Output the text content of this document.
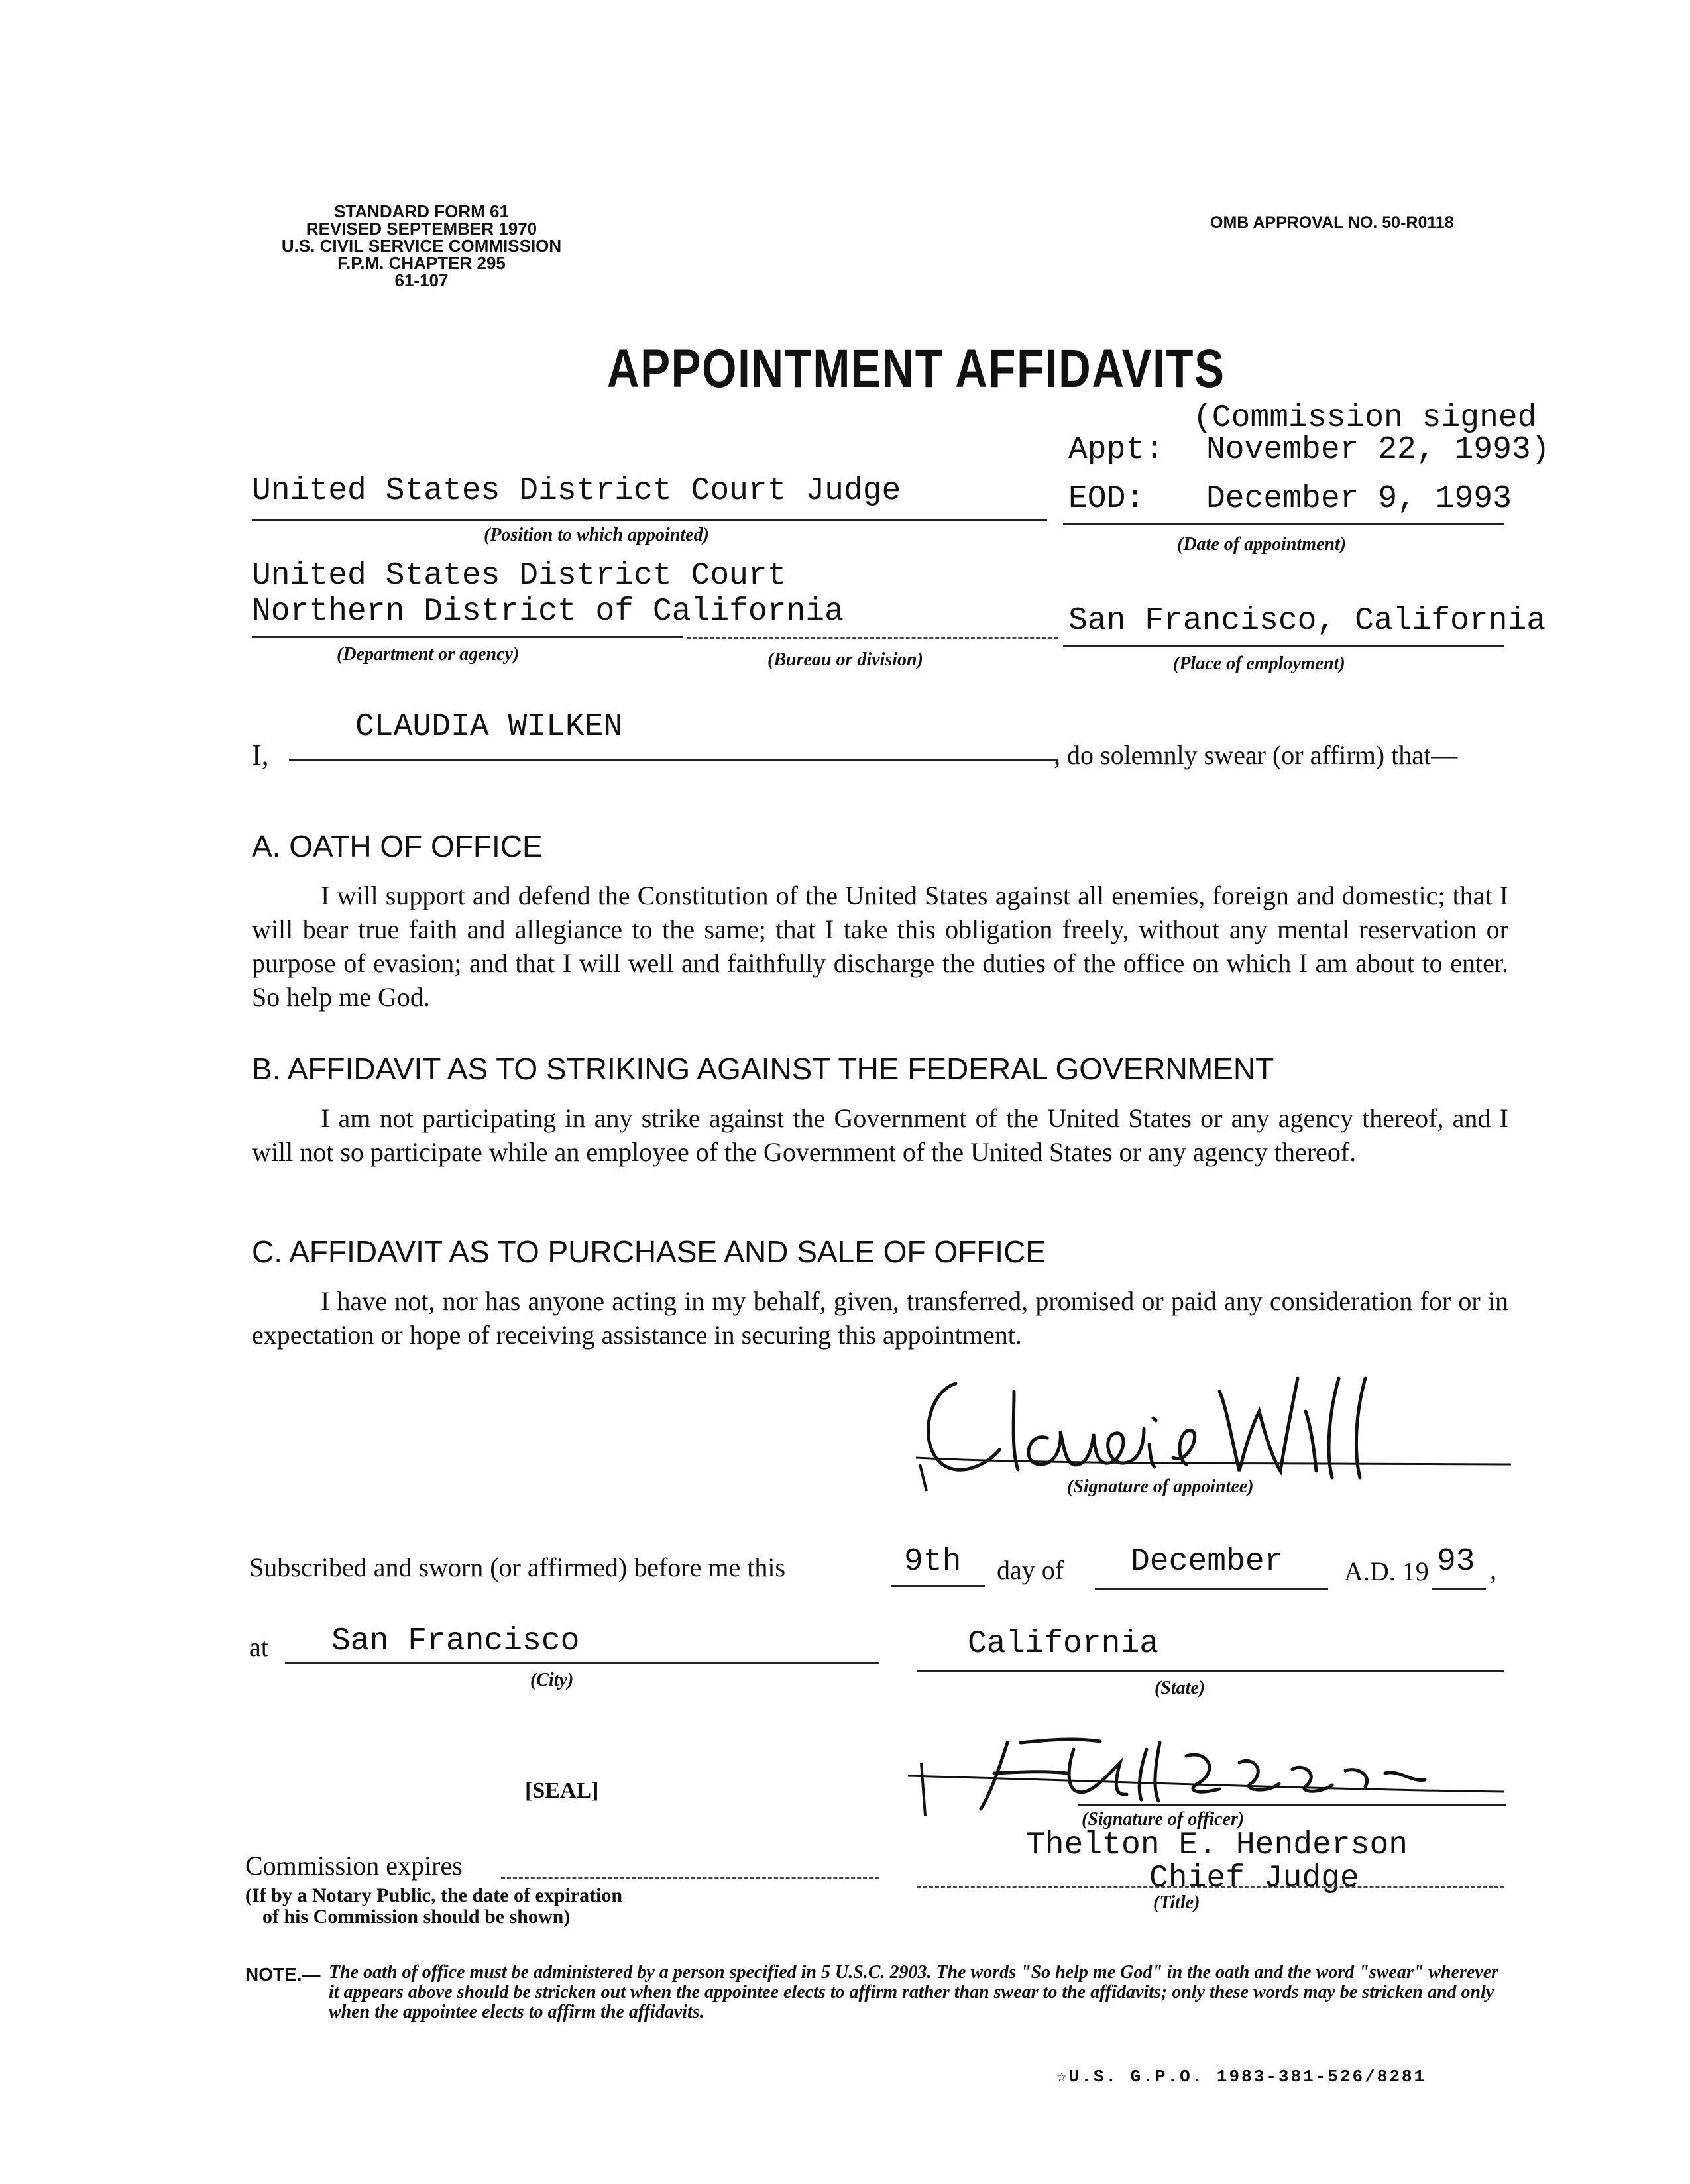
STANDARD FORM 61
REVISED SEPTEMBER 1970
U.S. CIVIL SERVICE COMMISSION
F.P.M. CHAPTER 295
61-107
OMB APPROVAL NO. 50-R0118
APPOINTMENT AFFIDAVITS
(Commission signed
Appt: November 22, 1993)
EOD: December 9, 1993
(Date of appointment)
United States District Court Judge
(Position to which appointed)
United States District Court
Northern District of California
(Department or agency)	(Bureau or division)
San Francisco, California
(Place of employment)
I,
CLAUDIA WILKEN
, do solemnly swear (or affirm) that—
A. OATH OF OFFICE
I will support and defend the Constitution of the United States against all enemies, foreign and domestic; that I will bear true faith and allegiance to the same; that I take this obligation freely, without any mental reservation or purpose of evasion; and that I will well and faithfully discharge the duties of the office on which I am about to enter. So help me God.
B. AFFIDAVIT AS TO STRIKING AGAINST THE FEDERAL GOVERNMENT
I am not participating in any strike against the Government of the United States or any agency thereof, and I will not so participate while an employee of the Government of the United States or any agency thereof.
C. AFFIDAVIT AS TO PURCHASE AND SALE OF OFFICE
I have not, nor has anyone acting in my behalf, given, transferred, promised or paid any consideration for or in expectation or hope of receiving assistance in securing this appointment.
(Signature of appointee)
Subscribed and sworn (or affirmed) before me this	9th day of December A.D. 19 93 ,
at San Francisco
(City)
California
(State)
[SEAL]
(Signature of officer)
Thelton E. Henderson
Chief Judge
(Title)
Commission expires
(If by a Notary Public, the date of expiration
of his Commission should be shown)
NOTE.— The oath of office must be administered by a person specified in 5 U.S.C. 2903. The words "So help me God" in the oath and the word "swear" wherever it appears above should be stricken out when the appointee elects to affirm rather than swear to the affidavits; only these words may be stricken and only when the appointee elects to affirm the affidavits.
☆U.S. G.P.O. 1983-381-526/8281
